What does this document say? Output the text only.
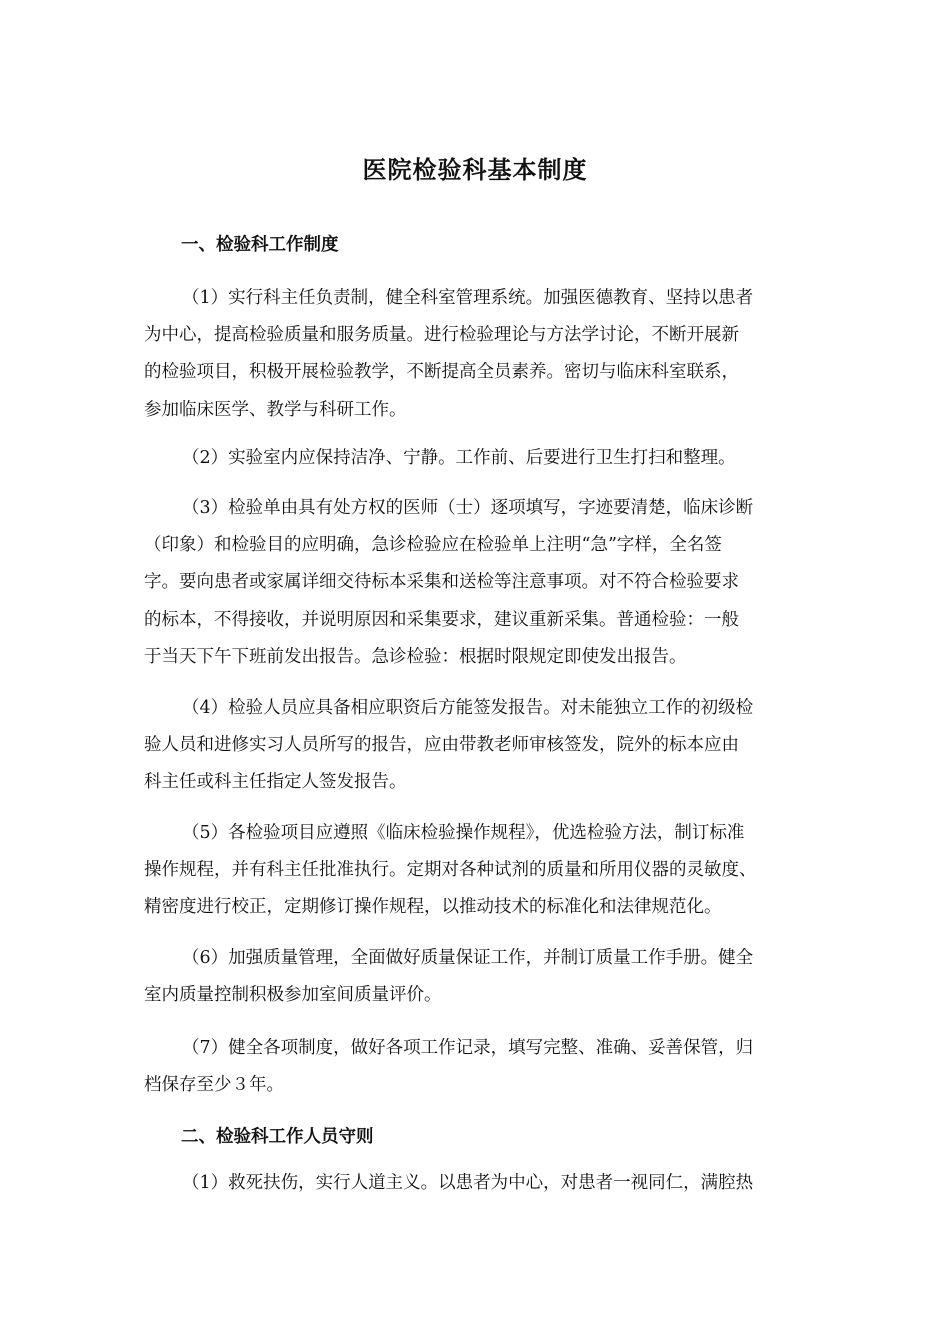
医院检验科基本制度
一、检验科工作制度
（1）实行科主任负责制，健全科室管理系统。加强医德教育、坚持以患者
为中心，提高检验质量和服务质量。进行检验理论与方法学讨论，不断开展新
的检验项目，积极开展检验教学，不断提高全员素养。密切与临床科室联系，
参加临床医学、教学与科研工作。
（2）实验室内应保持洁净、宁静。工作前、后要进行卫生打扫和整理。
（3）检验单由具有处方权的医师（士）逐项填写，字迹要清楚，临床诊断
（印象）和检验目的应明确，急诊检验应在检验单上注明“急”字样，全名签
字。要向患者或家属详细交待标本采集和送检等注意事项。对不符合检验要求
的标本，不得接收，并说明原因和采集要求，建议重新采集。普通检验：一般
于当天下午下班前发出报告。急诊检验：根据时限规定即使发出报告。
（4）检验人员应具备相应职资后方能签发报告。对未能独立工作的初级检
验人员和进修实习人员所写的报告，应由带教老师审核签发，院外的标本应由
科主任或科主任指定人签发报告。
（5）各检验项目应遵照《临床检验操作规程》，优选检验方法，制订标准
操作规程，并有科主任批准执行。定期对各种试剂的质量和所用仪器的灵敏度、
精密度进行校正，定期修订操作规程，以推动技术的标准化和法律规范化。
（6）加强质量管理，全面做好质量保证工作，并制订质量工作手册。健全
室内质量控制积极参加室间质量评价。
（7）健全各项制度，做好各项工作记录，填写完整、准确、妥善保管，归
档保存至少３年。
二、检验科工作人员守则
（1）救死扶伤，实行人道主义。以患者为中心，对患者一视同仁，满腔热
